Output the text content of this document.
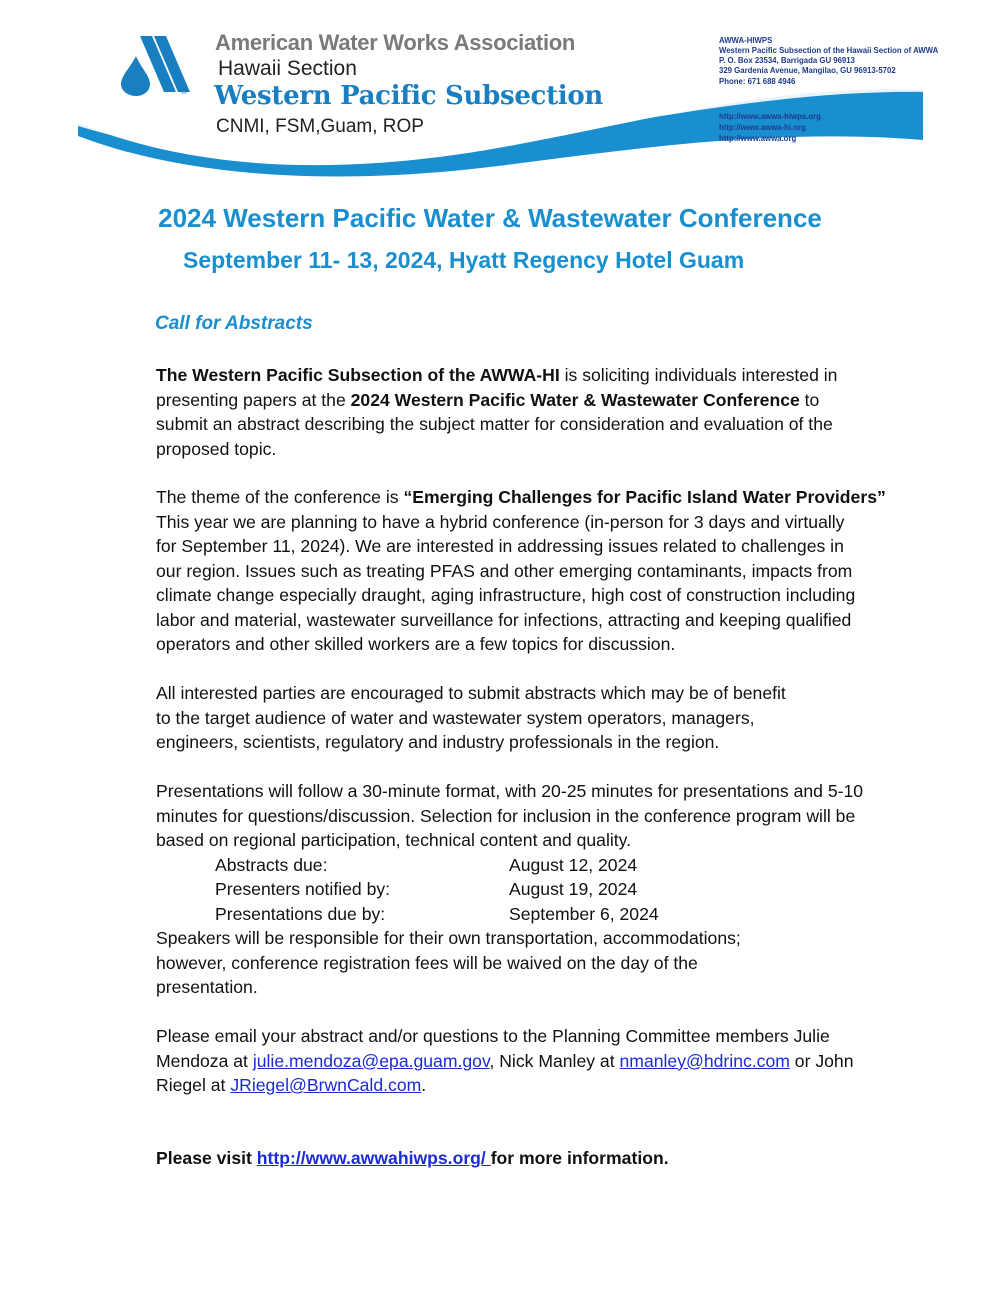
®
American Water Works Association
Hawaii Section
Western Pacific Subsection
CNMI, FSM,Guam, ROP
AWWA-HIWPS
Western Pacific Subsection of the Hawaii Section of AWWA
P. O. Box 23534, Barrigada GU 96913
329 Gardenia Avenue, Mangilao, GU 96913-5702
Phone: 671 688 4946
http://www.awwa-hiwps.org
http://www.awwa-hi.org
http://www.awwa.org
2024 Western Pacific Water & Wastewater Conference
September 11- 13, 2024, Hyatt Regency Hotel Guam
Call for Abstracts
The Western Pacific Subsection of the AWWA-HI is soliciting individuals interested in
presenting papers at the 2024 Western Pacific Water & Wastewater Conference to
submit an abstract describing the subject matter for consideration and evaluation of the
proposed topic.
The theme of the conference is “Emerging Challenges for Pacific Island Water Providers”
This year we are planning to have a hybrid conference (in-person for 3 days and virtually
for September 11, 2024). We are interested in addressing issues related to challenges in
our region. Issues such as treating PFAS and other emerging contaminants, impacts from
climate change especially draught, aging infrastructure, high cost of construction including
labor and material, wastewater surveillance for infections, attracting and keeping qualified
operators and other skilled workers are a few topics for discussion.
All interested parties are encouraged to submit abstracts which may be of benefit
to the target audience of water and wastewater system operators, managers,
engineers, scientists, regulatory and industry professionals in the region.
Presentations will follow a 30-minute format, with 20-25 minutes for presentations and 5-10
minutes for questions/discussion. Selection for inclusion in the conference program will be
based on regional participation, technical content and quality.
Abstracts due:	August 12, 2024
Presenters notified by:	August 19, 2024
Presentations due by:	September 6, 2024
Speakers will be responsible for their own transportation, accommodations;
however, conference registration fees will be waived on the day of the
presentation.
Please email your abstract and/or questions to the Planning Committee members Julie
Mendoza at julie.mendoza@epa.guam.gov, Nick Manley at nmanley@hdrinc.com or John
Riegel at JRiegel@BrwnCald.com.
Please visit http://www.awwahiwps.org/ for more information.
